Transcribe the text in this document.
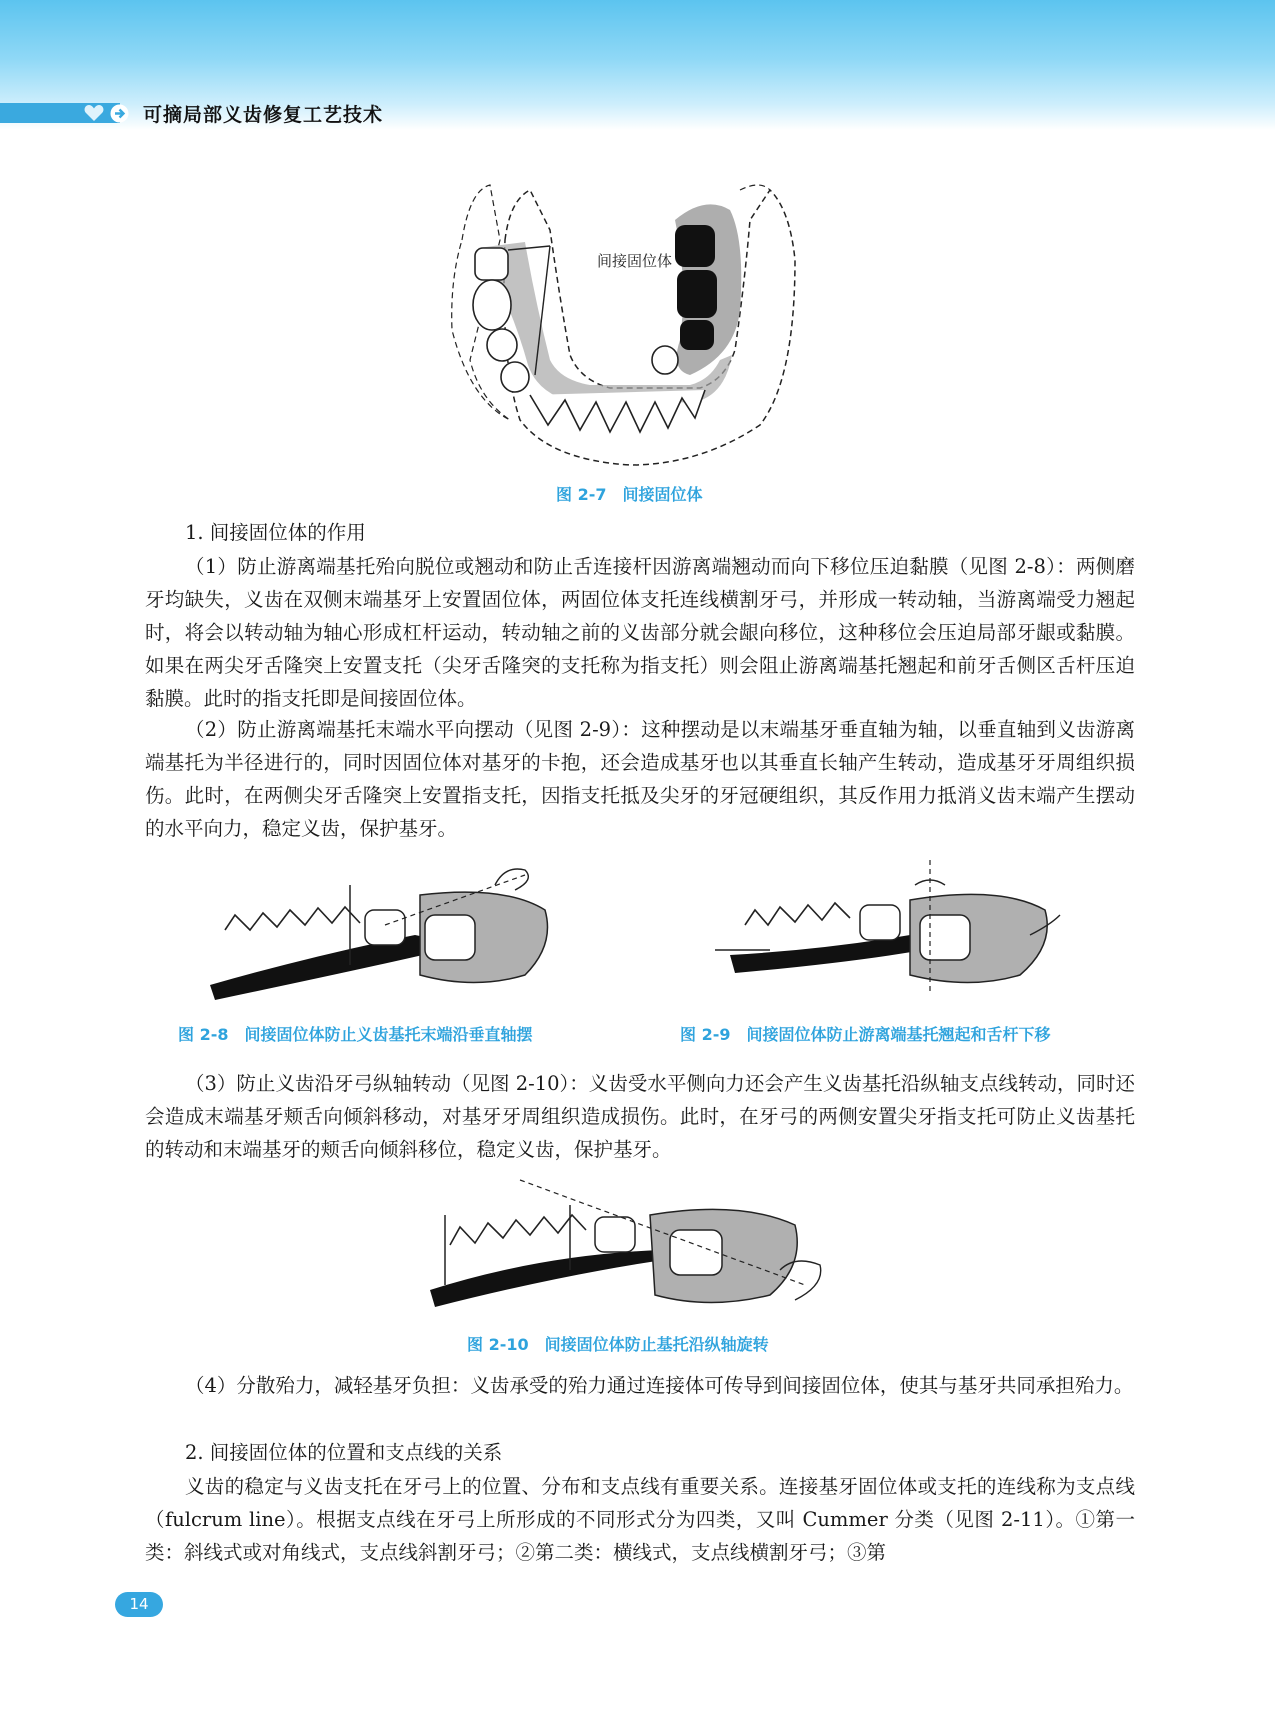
可摘局部义齿修复工艺技术
间接固位体
图 2-7　间接固位体
1. 间接固位体的作用

（1）防止游离端基托殆向脱位或翘动和防止舌连接杆因游离端翘动而向下移位压迫黏膜（见图 2-8）：两侧磨牙均缺失，义齿在双侧末端基牙上安置固位体，两固位体支托连线横割牙弓，并形成一转动轴，当游离端受力翘起时，将会以转动轴为轴心形成杠杆运动，转动轴之前的义齿部分就会龈向移位，这种移位会压迫局部牙龈或黏膜。如果在两尖牙舌隆突上安置支托（尖牙舌隆突的支托称为指支托）则会阻止游离端基托翘起和前牙舌侧区舌杆压迫黏膜。此时的指支托即是间接固位体。

（2）防止游离端基托末端水平向摆动（见图 2-9）：这种摆动是以末端基牙垂直轴为轴，以垂直轴到义齿游离端基托为半径进行的，同时因固位体对基牙的卡抱，还会造成基牙也以其垂直长轴产生转动，造成基牙牙周组织损伤。此时，在两侧尖牙舌隆突上安置指支托，因指支托抵及尖牙的牙冠硬组织，其反作用力抵消义齿末端产生摆动的水平向力，稳定义齿，保护基牙。

图 2-8　间接固位体防止义齿基托末端沿垂直轴摆	图 2-9　间接固位体防止游离端基托翘起和舌杆下移

（3）防止义齿沿牙弓纵轴转动（见图 2-10）：义齿受水平侧向力还会产生义齿基托沿纵轴支点线转动，同时还会造成末端基牙颊舌向倾斜移动，对基牙牙周组织造成损伤。此时，在牙弓的两侧安置尖牙指支托可防止义齿基托的转动和末端基牙的颊舌向倾斜移位，稳定义齿，保护基牙。

图 2-10　间接固位体防止基托沿纵轴旋转

（4）分散殆力，减轻基牙负担：义齿承受的殆力通过连接体可传导到间接固位体，使其与基牙共同承担殆力。

2. 间接固位体的位置和支点线的关系

义齿的稳定与义齿支托在牙弓上的位置、分布和支点线有重要关系。连接基牙固位体或支托的连线称为支点线（fulcrum line）。根据支点线在牙弓上所形成的不同形式分为四类，又叫 Cummer 分类（见图 2-11）。①第一类：斜线式或对角线式，支点线斜割牙弓；②第二类：横线式，支点线横割牙弓；③第

14
